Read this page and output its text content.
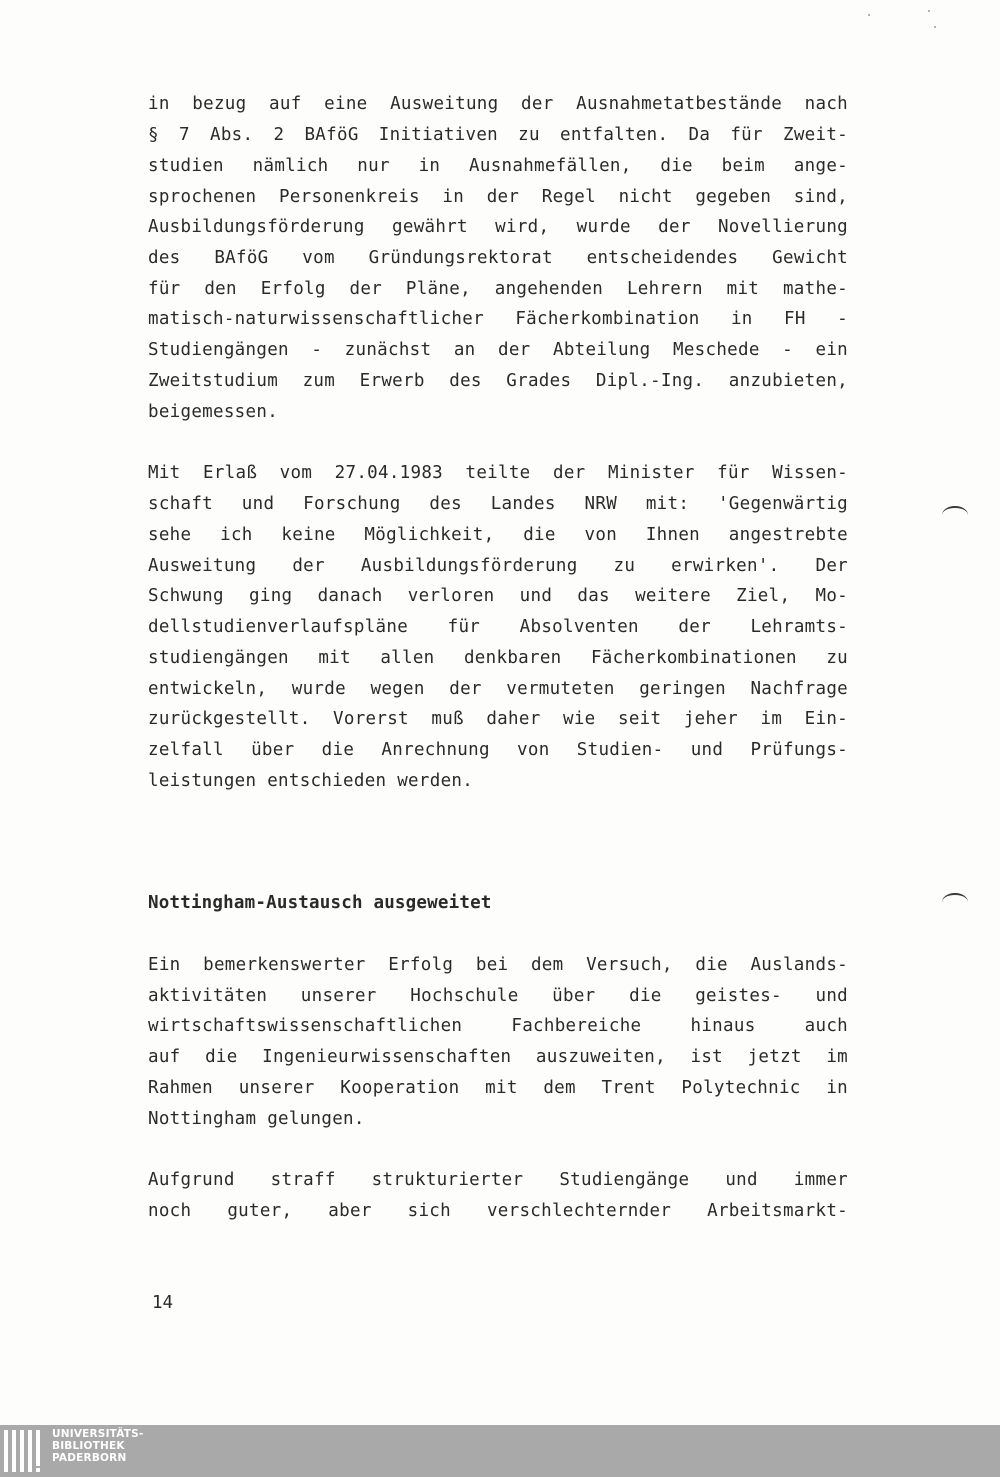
in bezug auf eine Ausweitung der Ausnahmetatbestände nach
§ 7 Abs. 2 BAföG Initiativen zu entfalten. Da für Zweit-
studien nämlich nur in Ausnahmefällen, die beim ange-
sprochenen Personenkreis in der Regel nicht gegeben sind,
Ausbildungsförderung gewährt wird, wurde der Novellierung
des BAföG vom Gründungsrektorat entscheidendes Gewicht
für den Erfolg der Pläne, angehenden Lehrern mit mathe-
matisch-naturwissenschaftlicher Fächerkombination in FH -
Studiengängen - zunächst an der Abteilung Meschede - ein
Zweitstudium zum Erwerb des Grades Dipl.-Ing. anzubieten,
beigemessen.
Mit Erlaß vom 27.04.1983 teilte der Minister für Wissen-
schaft und Forschung des Landes NRW mit: 'Gegenwärtig
sehe ich keine Möglichkeit, die von Ihnen angestrebte
Ausweitung der Ausbildungsförderung zu erwirken'. Der
Schwung ging danach verloren und das weitere Ziel, Mo-
dellstudienverlaufspläne für Absolventen der Lehramts-
studiengängen mit allen denkbaren Fächerkombinationen zu
entwickeln, wurde wegen der vermuteten geringen Nachfrage
zurückgestellt. Vorerst muß daher wie seit jeher im Ein-
zelfall über die Anrechnung von Studien- und Prüfungs-
leistungen entschieden werden.
Nottingham-Austausch ausgeweitet
Ein bemerkenswerter Erfolg bei dem Versuch, die Auslands-
aktivitäten unserer Hochschule über die geistes- und
wirtschaftswissenschaftlichen Fachbereiche hinaus auch
auf die Ingenieurwissenschaften auszuweiten, ist jetzt im
Rahmen unserer Kooperation mit dem Trent Polytechnic in
Nottingham gelungen.
Aufgrund straff strukturierter Studiengänge und immer
noch guter, aber sich verschlechternder Arbeitsmarkt-
14
UNIVERSITÄTS-
BIBLIOTHEK
PADERBORN
